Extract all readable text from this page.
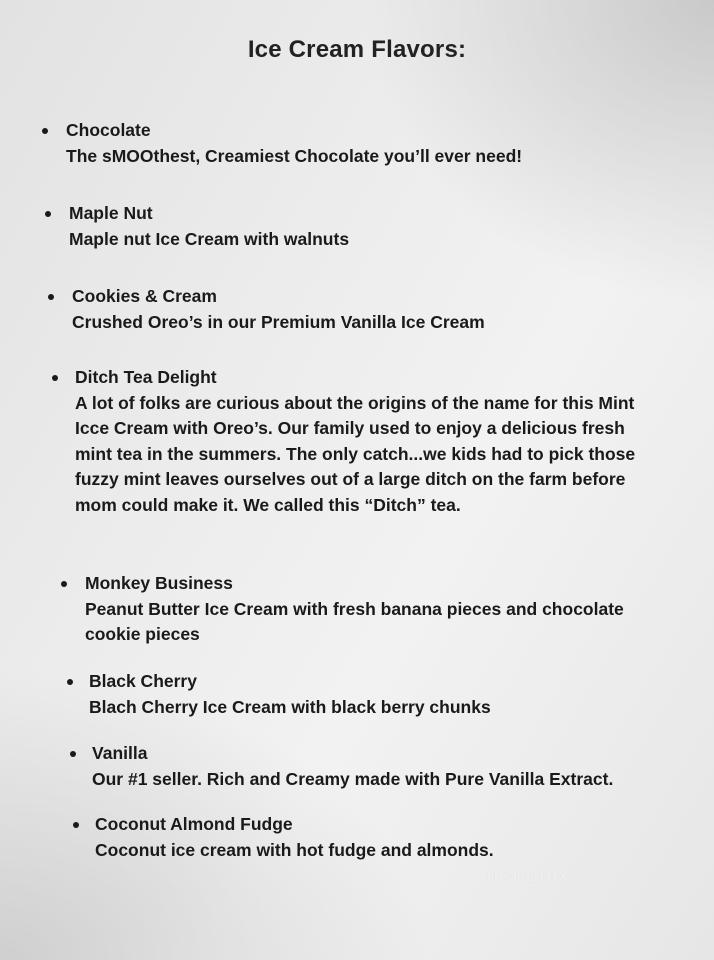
Ice Cream Flavors:
Chocolate
The sMOOthest, Creamiest Chocolate you’ll ever need!
Maple Nut
Maple nut Ice Cream with walnuts
Cookies & Cream
Crushed Oreo’s in our Premium Vanilla Ice Cream
Ditch Tea Delight
A lot of folks are curious about the origins of the name for this Mint Icce Cream with Oreo’s. Our family used to enjoy a delicious fresh mint tea in the summers. The only catch...we kids had to pick those fuzzy mint leaves ourselves out of a large ditch on the farm before mom could make it. We called this “Ditch” tea.
Monkey Business
Peanut Butter Ice Cream with fresh banana pieces and chocolate cookie pieces
Black Cherry
Blach Cherry Ice Cream with black berry chunks
Vanilla
Our #1 seller. Rich and Creamy made with Pure Vanilla Extract.
Coconut Almond Fudge
Coconut ice cream with hot fudge and almonds.
menupix
